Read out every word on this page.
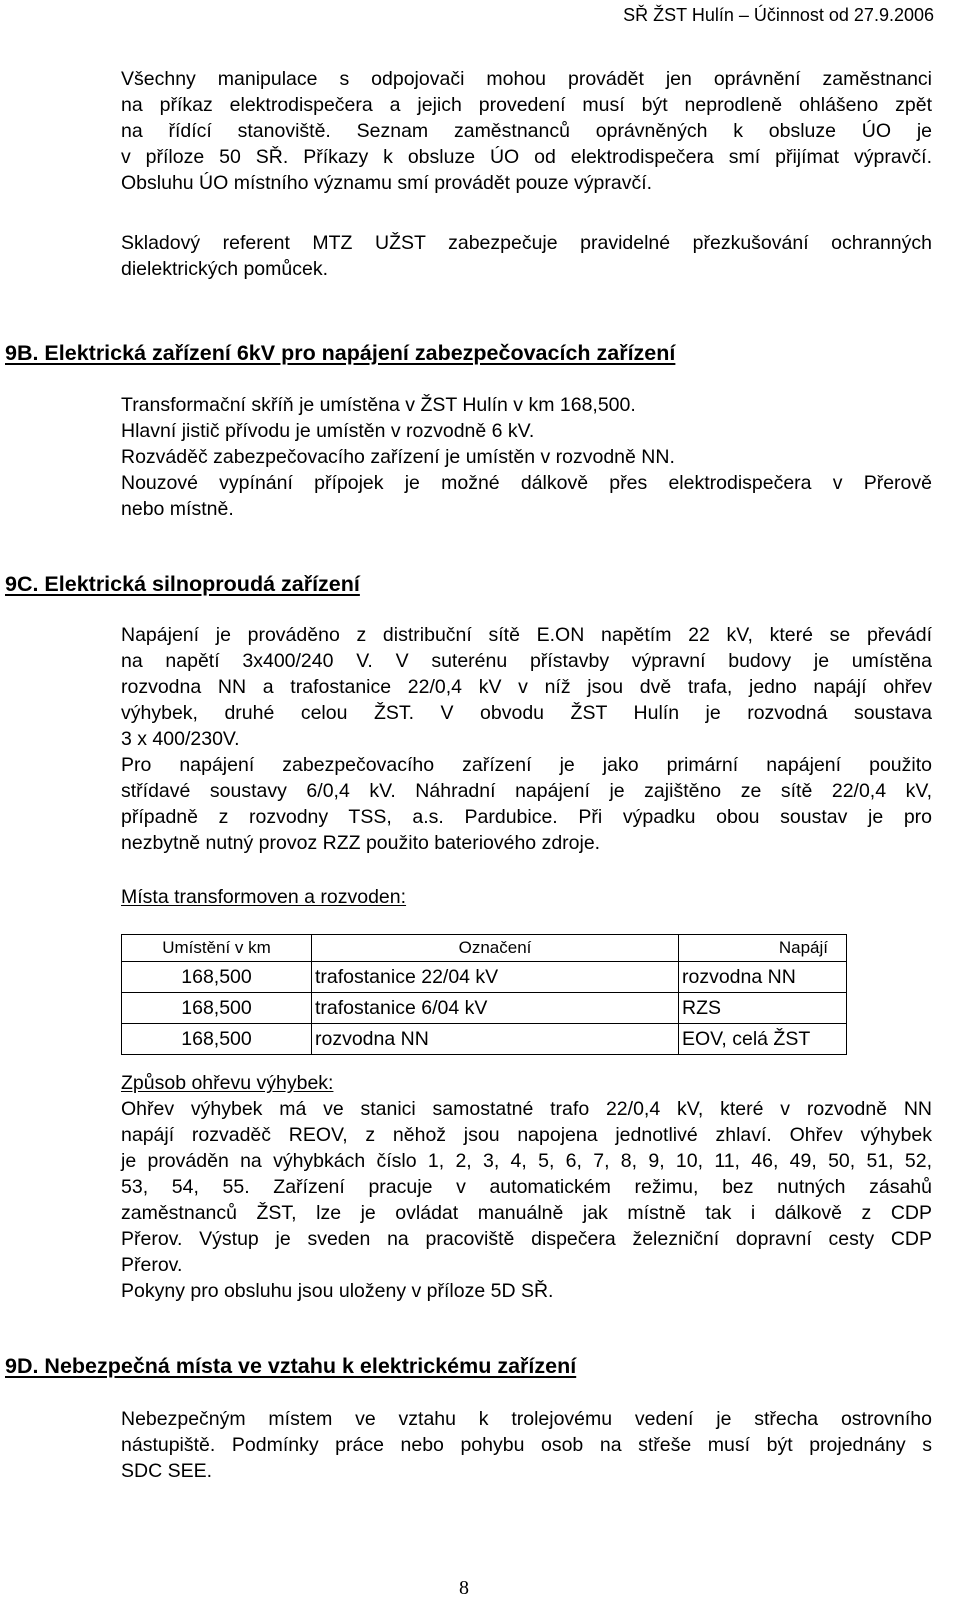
SŘ ŽST Hulín – Účinnost od 27.9.2006
Všechny manipulace s odpojovači mohou provádět jen oprávnění zaměstnanci
na příkaz elektrodispečera a jejich provedení musí být neprodleně ohlášeno zpět
na řídící stanoviště. Seznam zaměstnanců oprávněných k obsluze ÚO je
v příloze 50 SŘ. Příkazy k obsluze ÚO od elektrodispečera smí přijímat výpravčí.
Obsluhu ÚO místního významu smí provádět pouze výpravčí.
Skladový referent MTZ UŽST zabezpečuje pravidelné přezkušování ochranných
dielektrických pomůcek.
9B. Elektrická zařízení 6kV pro napájení zabezpečovacích zařízení
Transformační skříň je umístěna v ŽST Hulín v km 168,500.
Hlavní jistič přívodu je umístěn v rozvodně 6 kV.
Rozváděč zabezpečovacího zařízení je umístěn v rozvodně NN.
Nouzové vypínání přípojek je možné dálkově přes elektrodispečera v Přerově
nebo místně.
9C. Elektrická silnoproudá zařízení
Napájení je prováděno z distribuční sítě E.ON napětím 22 kV, které se převádí
na napětí 3x400/240 V. V suterénu přístavby výpravní budovy je umístěna
rozvodna NN a trafostanice 22/0,4 kV v níž jsou dvě trafa, jedno napájí ohřev
výhybek, druhé celou ŽST. V obvodu ŽST Hulín je rozvodná soustava
3 x 400/230V.
Pro napájení zabezpečovacího zařízení je jako primární napájení použito
střídavé soustavy 6/0,4 kV. Náhradní napájení je zajištěno ze sítě 22/0,4 kV,
případně z rozvodny TSS, a.s. Pardubice. Při výpadku obou soustav je pro
nezbytně nutný provoz RZZ použito bateriového zdroje.
Místa transformoven a rozvoden:
Umístění v km	Označení	Napájí
168,500	trafostanice 22/04 kV	rozvodna NN
168,500	trafostanice 6/04 kV	RZS
168,500	rozvodna NN	EOV, celá ŽST
Způsob ohřevu výhybek:
Ohřev výhybek má ve stanici samostatné trafo 22/0,4 kV, které v rozvodně NN
napájí rozvaděč REOV, z něhož jsou napojena jednotlivé zhlaví. Ohřev výhybek
je prováděn na výhybkách číslo 1, 2, 3, 4, 5, 6, 7, 8, 9, 10, 11, 46, 49, 50, 51, 52,
53, 54, 55. Zařízení pracuje v automatickém režimu, bez nutných zásahů
zaměstnanců ŽST, lze je ovládat manuálně jak místně tak i dálkově z CDP
Přerov. Výstup je sveden na pracoviště dispečera železniční dopravní cesty CDP
Přerov.
Pokyny pro obsluhu jsou uloženy v příloze 5D SŘ.
9D. Nebezpečná místa ve vztahu k elektrickému zařízení
Nebezpečným místem ve vztahu k trolejovému vedení je střecha ostrovního
nástupiště. Podmínky práce nebo pohybu osob na střeše musí být projednány s
SDC SEE.
8
